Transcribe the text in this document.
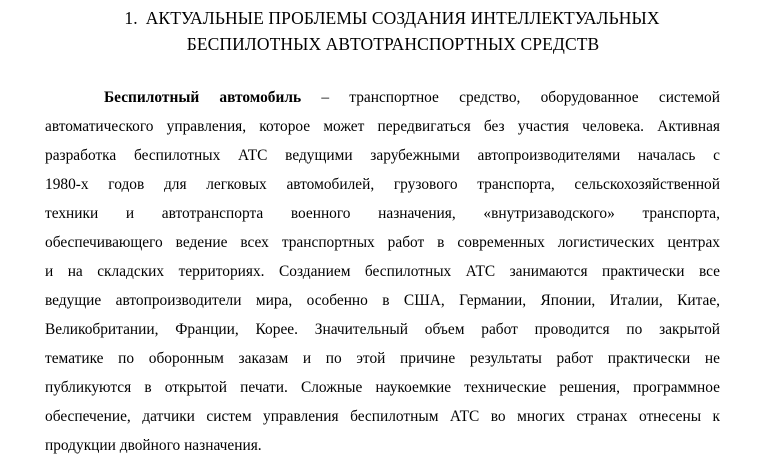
1. АКТУАЛЬНЫЕ ПРОБЛЕМЫ СОЗДАНИЯ ИНТЕЛЛЕКТУАЛЬНЫХ
БЕСПИЛОТНЫХ АВТОТРАНСПОРТНЫХ СРЕДСТВ
Беспилотный автомобиль – транспортное средство, оборудованное системой
автоматического управления, которое может передвигаться без участия человека. Активная
разработка беспилотных АТС ведущими зарубежными автопроизводителями началась с
1980-х годов для легковых автомобилей, грузового транспорта, сельскохозяйственной
техники и автотранспорта военного назначения, «внутризаводского» транспорта,
обеспечивающего ведение всех транспортных работ в современных логистических центрах
и на складских территориях. Созданием беспилотных АТС занимаются практически все
ведущие автопроизводители мира, особенно в США, Германии, Японии, Италии, Китае,
Великобритании, Франции, Корее. Значительный объем работ проводится по закрытой
тематике по оборонным заказам и по этой причине результаты работ практически не
публикуются в открытой печати. Сложные наукоемкие технические решения, программное
обеспечение, датчики систем управления беспилотным АТС во многих странах отнесены к
продукции двойного назначения.
